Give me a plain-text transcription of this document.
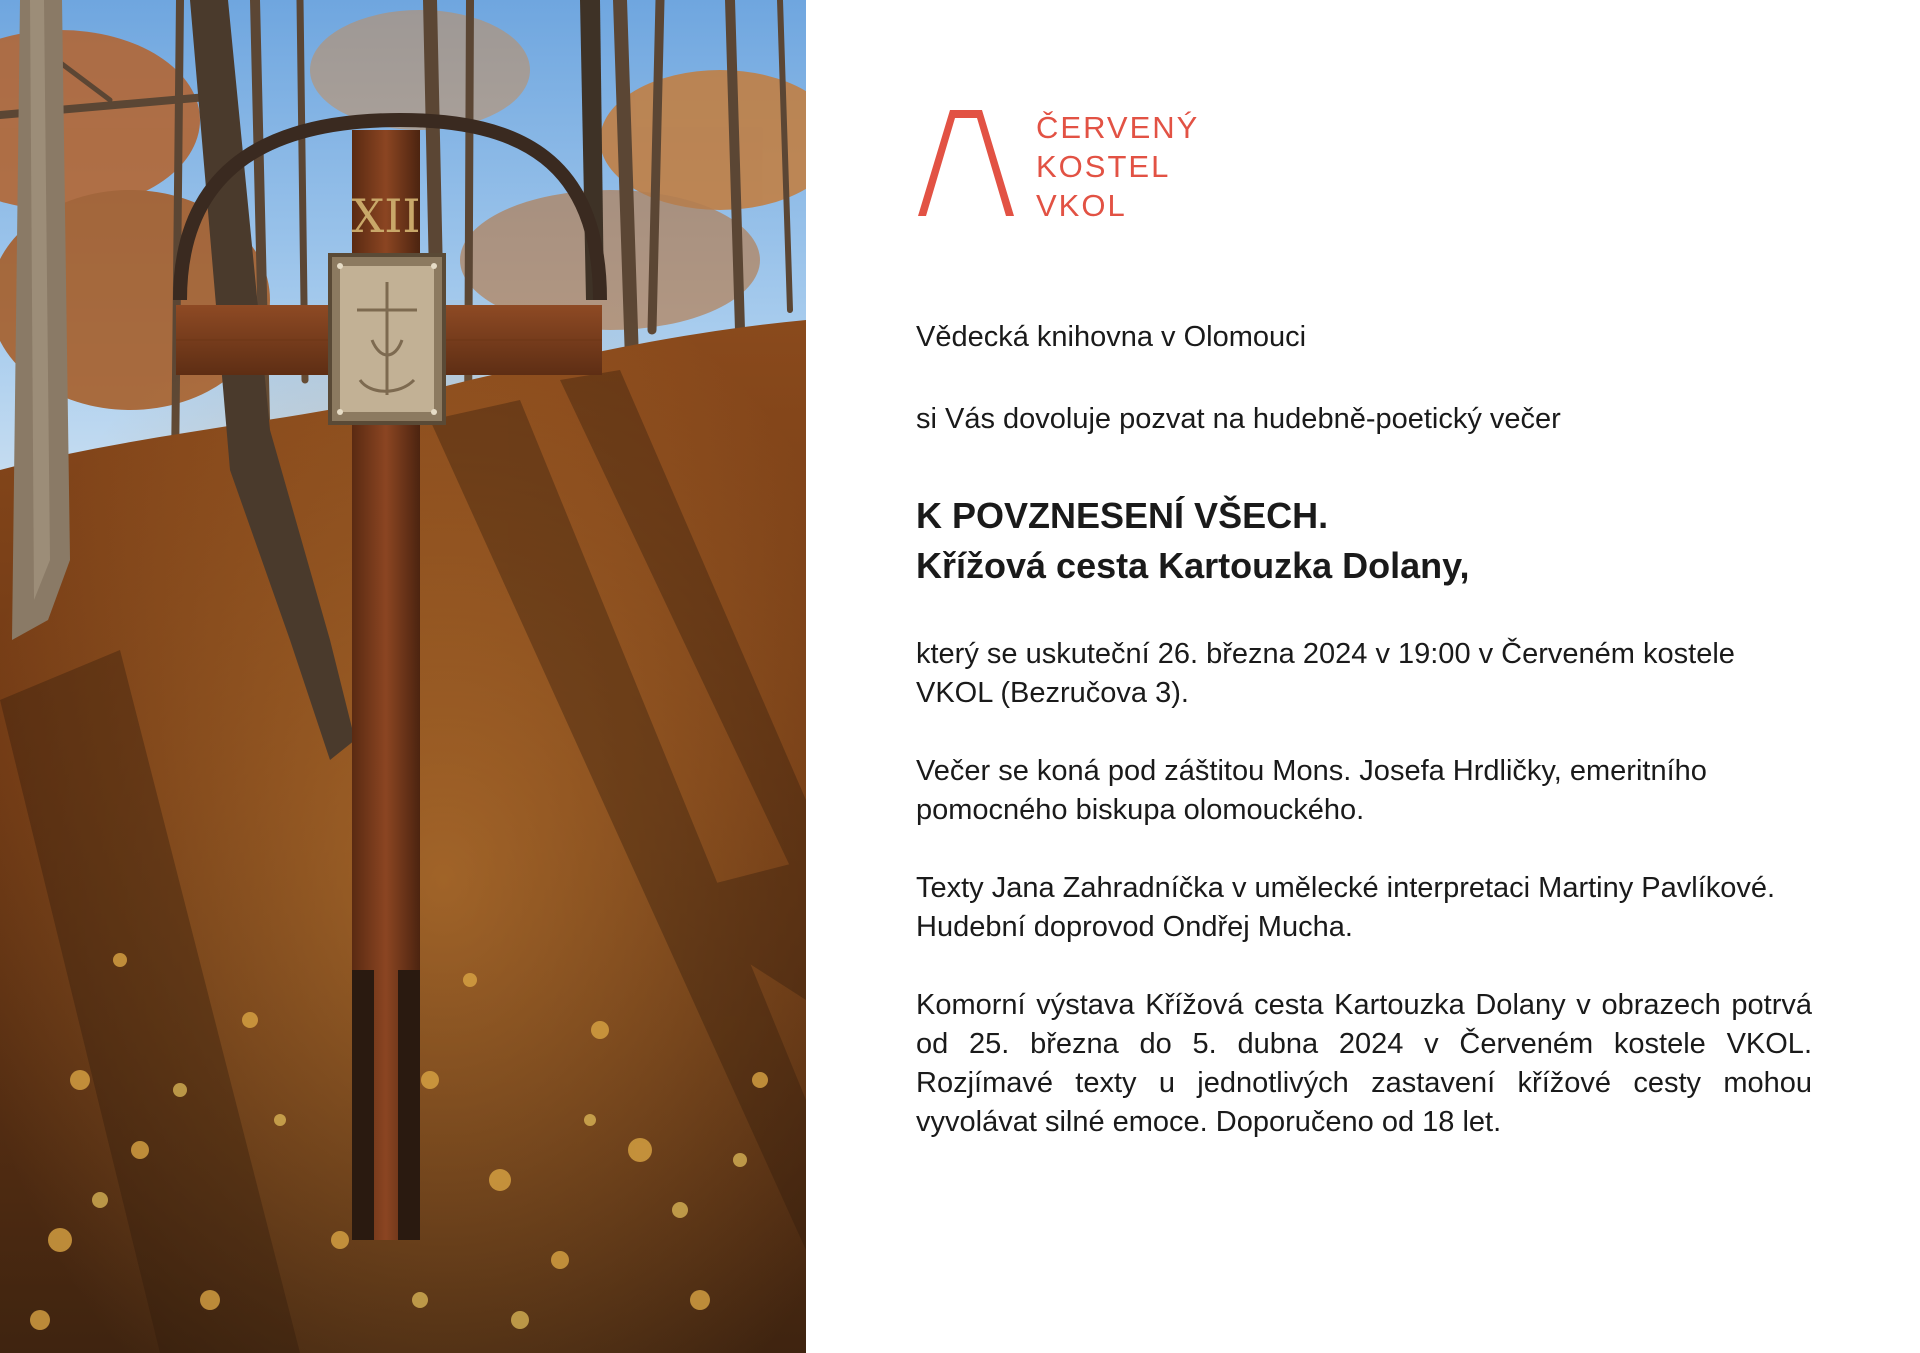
XII
ČERVENÝ
KOSTEL
VKOL

Vědecká knihovna v Olomouci

si Vás dovoluje pozvat na hudebně-poetický večer

K POVZNESENÍ VŠECH.
Křížová cesta Kartouzka Dolany,

který se uskuteční 26. března 2024 v 19:00 v Červeném kostele VKOL (Bezručova 3).

Večer se koná pod záštitou Mons. Josefa Hrdličky, emeritního pomocného biskupa olomouckého.

Texty Jana Zahradníčka v umělecké interpretaci Martiny Pavlíkové. Hudební doprovod Ondřej Mucha.

Komorní výstava Křížová cesta Kartouzka Dolany v obrazech potrvá od 25. března do 5. dubna 2024 v Červeném kostele VKOL. Rozjímavé texty u jednotlivých zastavení křížové cesty mohou vyvolávat silné emoce. Doporučeno od 18 let.
